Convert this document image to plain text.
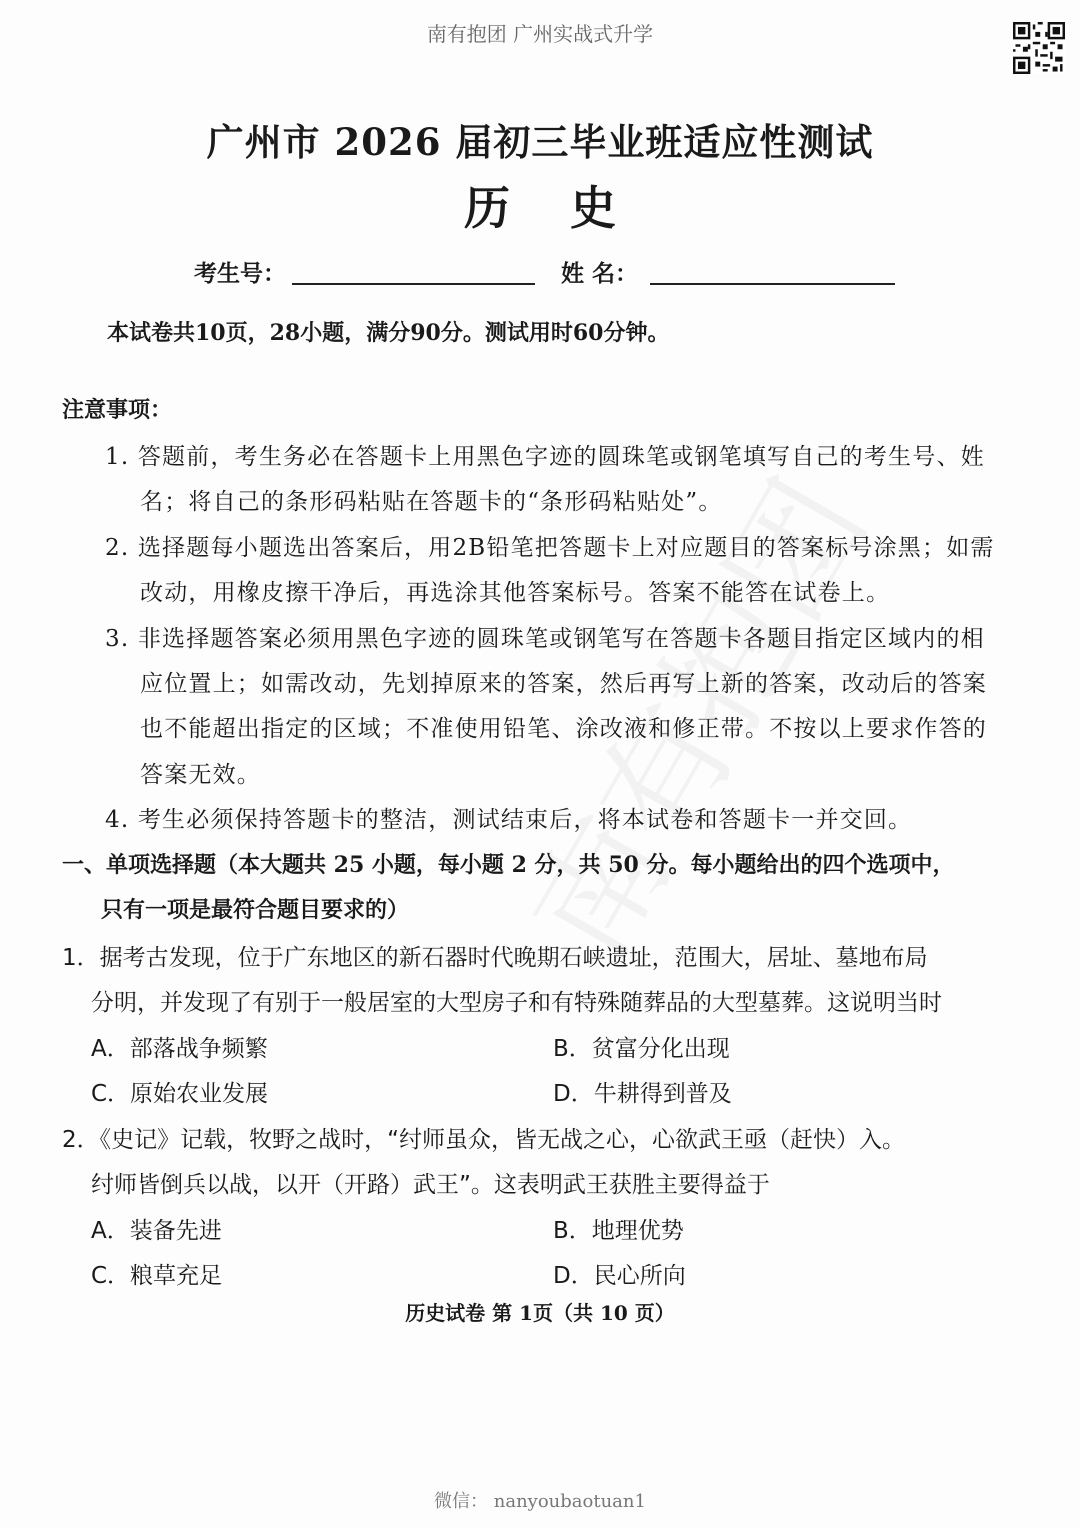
南有抱团 广州实战式升学
广州市 2026 届初三毕业班适应性测试
历 史
考生号：	姓 名：
本试卷共10页，28小题，满分90分。测试用时60分钟。
注意事项：
1. 答题前，考生务必在答题卡上用黑色字迹的圆珠笔或钢笔填写自己的考生号、姓
名；将自己的条形码粘贴在答题卡的“条形码粘贴处”。
2. 选择题每小题选出答案后，用2B铅笔把答题卡上对应题目的答案标号涂黑；如需
改动，用橡皮擦干净后，再选涂其他答案标号。答案不能答在试卷上。
3. 非选择题答案必须用黑色字迹的圆珠笔或钢笔写在答题卡各题目指定区域内的相
应位置上；如需改动，先划掉原来的答案，然后再写上新的答案，改动后的答案
也不能超出指定的区域；不准使用铅笔、涂改液和修正带。不按以上要求作答的
答案无效。
4. 考生必须保持答题卡的整洁，测试结束后，将本试卷和答题卡一并交回。
一、单项选择题（本大题共 25 小题，每小题 2 分，共 50 分。每小题给出的四个选项中，
只有一项是最符合题目要求的）
1．据考古发现，位于广东地区的新石器时代晚期石峡遗址，范围大，居址、墓地布局
分明，并发现了有别于一般居室的大型房子和有特殊随葬品的大型墓葬。这说明当时
A．部落战争频繁	B．贫富分化出现
C．原始农业发展	D．牛耕得到普及
2．《史记》记载，牧野之战时，“纣师虽众，皆无战之心，心欲武王亟（赶快）入。
纣师皆倒兵以战，以开（开路）武王”。这表明武王获胜主要得益于
A．装备先进	B．地理优势
C．粮草充足	D．民心所向
历史试卷 第 1页（共 10 页）
微信： nanyoubaotuan1
